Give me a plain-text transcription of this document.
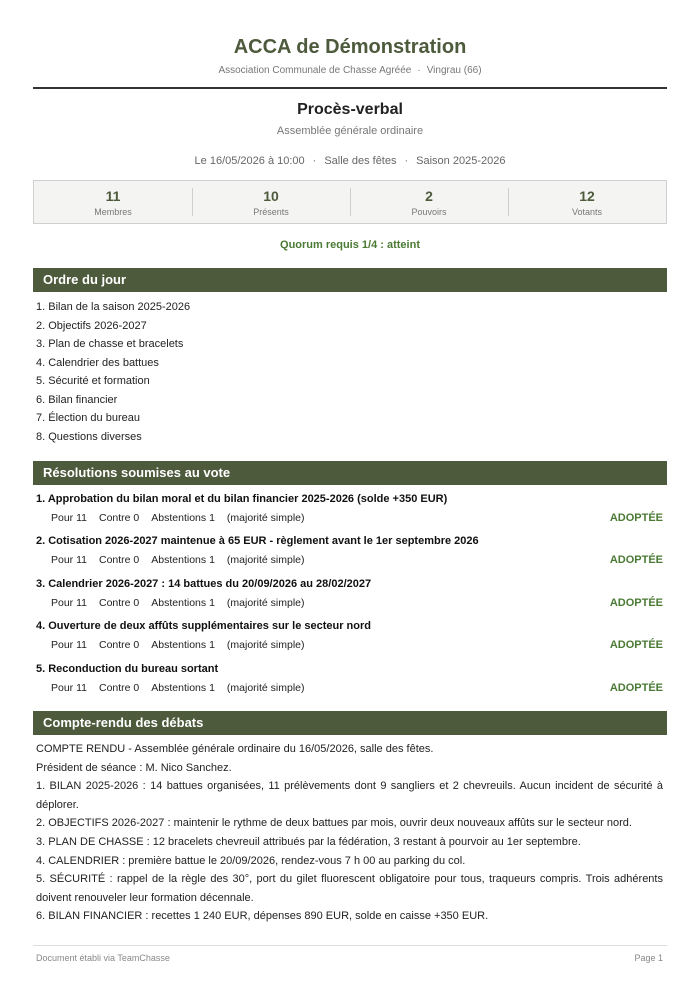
ACCA de Démonstration
Association Communale de Chasse Agréée · Vingrau (66)
Procès-verbal
Assemblée générale ordinaire
Le 16/05/2026 à 10:00 · Salle des fêtes · Saison 2025-2026
11
Membres
10
Présents
2
Pouvoirs
12
Votants
Quorum requis 1/4 : atteint
Ordre du jour
1. Bilan de la saison 2025-2026
2. Objectifs 2026-2027
3. Plan de chasse et bracelets
4. Calendrier des battues
5. Sécurité et formation
6. Bilan financier
7. Élection du bureau
8. Questions diverses
Résolutions soumises au vote
1. Approbation du bilan moral et du bilan financier 2025-2026 (solde +350 EUR)
Pour 11 Contre 0 Abstentions 1 (majorité simple)	ADOPTÉE
2. Cotisation 2026-2027 maintenue à 65 EUR - règlement avant le 1er septembre 2026
Pour 11 Contre 0 Abstentions 1 (majorité simple)	ADOPTÉE
3. Calendrier 2026-2027 : 14 battues du 20/09/2026 au 28/02/2027
Pour 11 Contre 0 Abstentions 1 (majorité simple)	ADOPTÉE
4. Ouverture de deux affûts supplémentaires sur le secteur nord
Pour 11 Contre 0 Abstentions 1 (majorité simple)	ADOPTÉE
5. Reconduction du bureau sortant
Pour 11 Contre 0 Abstentions 1 (majorité simple)	ADOPTÉE
Compte-rendu des débats

COMPTE RENDU - Assemblée générale ordinaire du 16/05/2026, salle des fêtes.

Président de séance : M. Nico Sanchez.

1. BILAN 2025-2026 : 14 battues organisées, 11 prélèvements dont 9 sangliers et 2 chevreuils. Aucun incident de sécurité à déplorer.

2. OBJECTIFS 2026-2027 : maintenir le rythme de deux battues par mois, ouvrir deux nouveaux affûts sur le secteur nord.

3. PLAN DE CHASSE : 12 bracelets chevreuil attribués par la fédération, 3 restant à pourvoir au 1er septembre.

4. CALENDRIER : première battue le 20/09/2026, rendez-vous 7 h 00 au parking du col.

5. SÉCURITÉ : rappel de la règle des 30°, port du gilet fluorescent obligatoire pour tous, traqueurs compris. Trois adhérents doivent renouveler leur formation décennale.

6. BILAN FINANCIER : recettes 1 240 EUR, dépenses 890 EUR, solde en caisse +350 EUR.

Document établi via TeamChasse	Page 1
